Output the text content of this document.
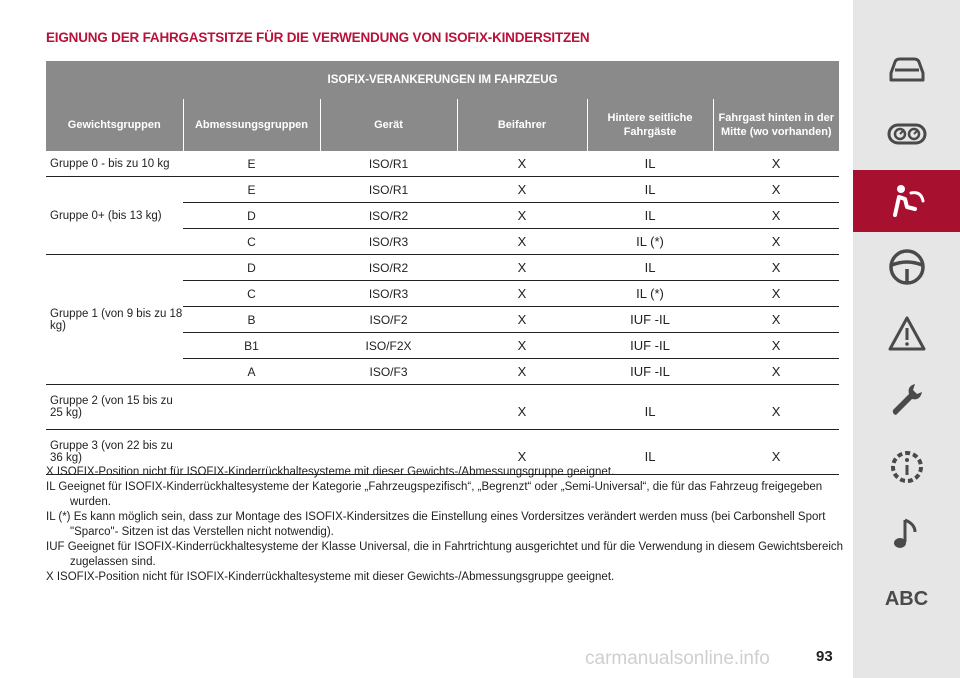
EIGNUNG DER FAHRGASTSITZE FÜR DIE VERWENDUNG VON ISOFIX-KINDERSITZEN
ISOFIX-VERANKERUNGEN IM FAHRZEUG					
Gewichtsgruppen	Abmessungsgruppen	Gerät	Beifahrer	Hintere seitliche Fahrgäste	Fahrgast hinten in der Mitte (wo vorhanden)
Gruppe 0 - bis zu 10 kg	E	ISO/R1	X	IL	X
Gruppe 0+ (bis 13 kg)	E	ISO/R1	X	IL	X
	D	ISO/R2	X	IL	X
	C	ISO/R3	X	IL (*)	X
Gruppe 1 (von 9 bis zu 18 kg)	D	ISO/R2	X	IL	X
	C	ISO/R3	X	IL (*)	X
	B	ISO/F2	X	IUF -IL	X
	B1	ISO/F2X	X	IUF -IL	X
	A	ISO/F3	X	IUF -IL	X
Gruppe 2 (von 15 bis zu 25 kg)			X	IL	X
Gruppe 3 (von 22 bis zu 36 kg)			X	IL	X
X ISOFIX-Position nicht für ISOFIX-Kinderrückhaltesysteme mit dieser Gewichts-/Abmessungsgruppe geeignet.
IL Geeignet für ISOFIX-Kinderrückhaltesysteme der Kategorie „Fahrzeugspezifisch“, „Begrenzt“ oder „Semi-Universal“, die für das Fahrzeug freigegeben wurden.
IL (*) Es kann möglich sein, dass zur Montage des ISOFIX-Kindersitzes die Einstellung eines Vordersitzes verändert werden muss (bei Carbonshell Sport "Sparco"- Sitzen ist das Verstellen nicht notwendig).
IUF Geeignet für ISOFIX-Kinderrückhaltesysteme der Klasse Universal, die in Fahrtrichtung ausgerichtet und für die Verwendung in diesem Gewichtsbereich zugelassen sind.
X ISOFIX-Position nicht für ISOFIX-Kinderrückhaltesysteme mit dieser Gewichts-/Abmessungsgruppe geeignet.
ABC
carmanualsonline.info	93
